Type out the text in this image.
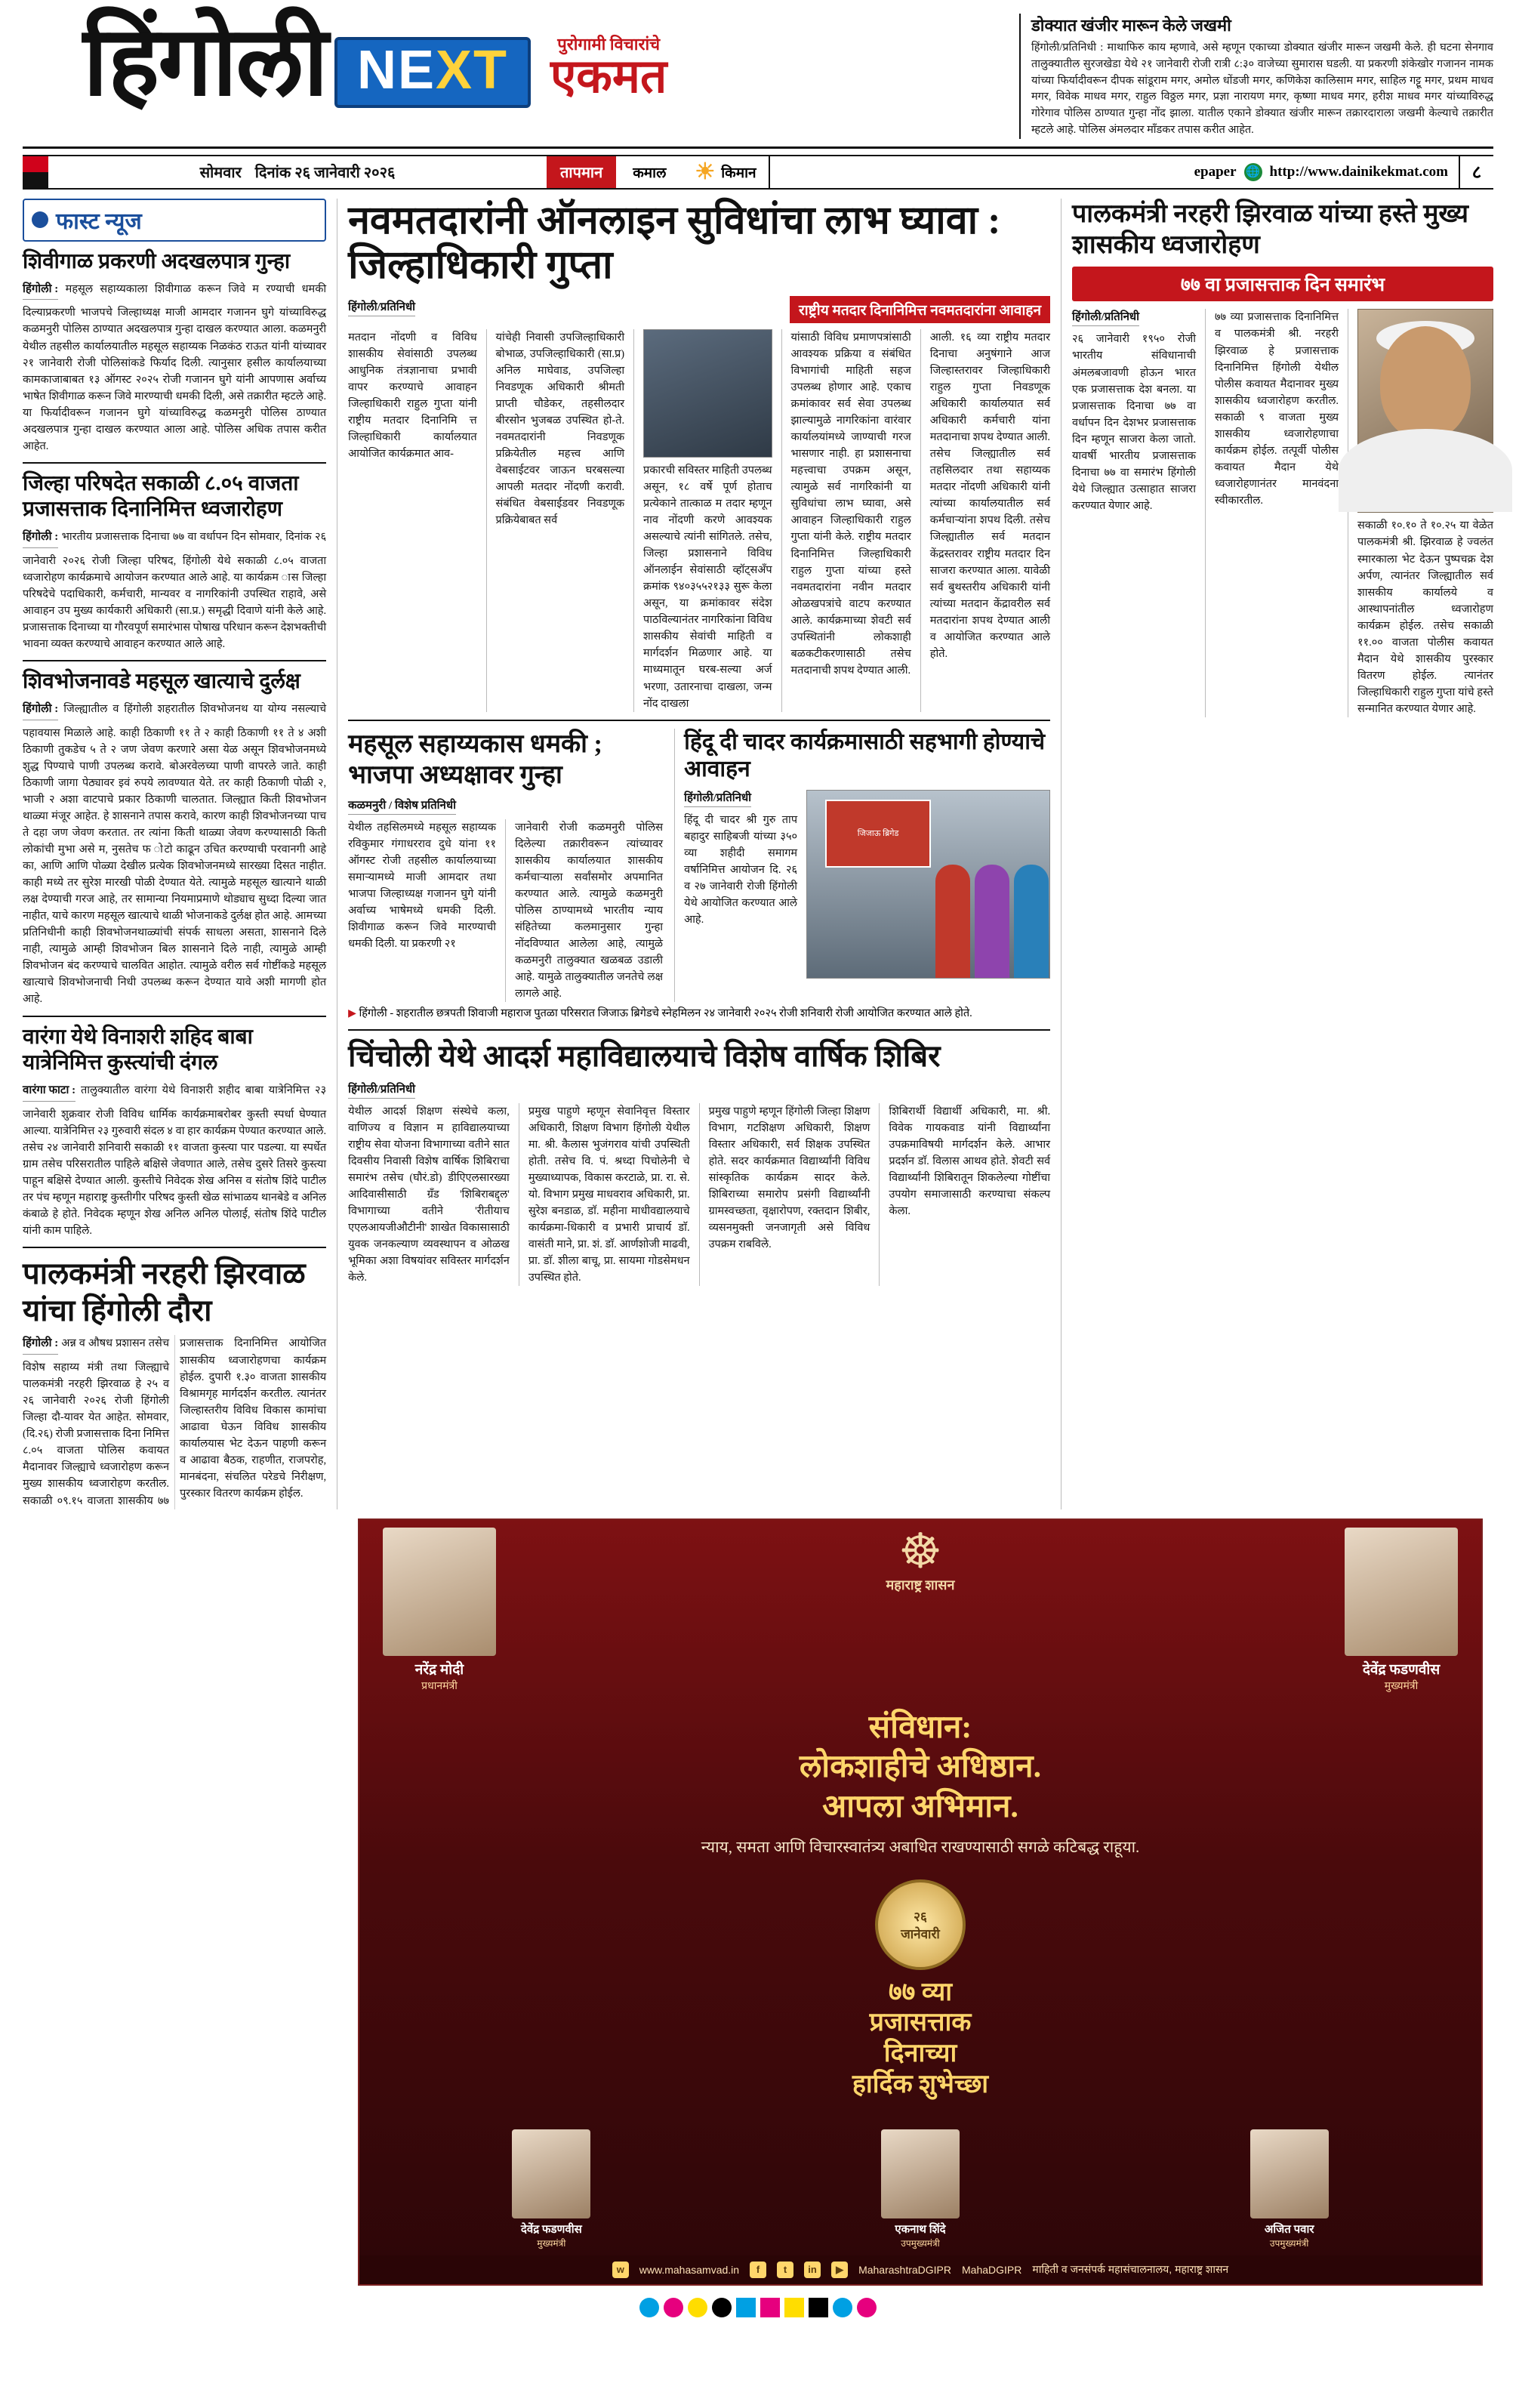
हिंगोली NEXT	पुरोगामी विचारांचे
एकमत
डोक्यात खंजीर मारून केले जखमी
हिंगोली/प्रतिनिधी : माथाफिरु काय म्हणावे, असे म्हणून एकाच्या डोक्यात खंजीर मारून जखमी केले. ही घटना सेनगाव तालुक्यातील सुरजखेडा येथे २१ जानेवारी रोजी रात्री ८:३० वाजेच्या सुमारास घडली. या प्रकरणी शंकेखोर गजानन नामक यांच्या फिर्यादीवरून दीपक सांडूराम मगर, अमोल धोंडजी मगर, कणिकेश कालिसाम मगर, साहिल गट्टू मगर, प्रथम माधव मगर, विवेक माधव मगर, राहुल विठ्ठल मगर, प्रज्ञा नारायण मगर, कृष्णा माधव मगर, हरीश माधव मगर यांच्याविरुद्ध गोरेगाव पोलिस ठाण्यात गुन्हा नोंद झाला. यातील एकाने डोक्यात खंजीर मारून तक्रारदाराला जखमी केल्याचे तक्रारीत म्हटले आहे. पोलिस अंमलदार माँडकर तपास करीत आहेत.
सोमवार दिनांक २६ जानेवारी २०२६	तापमान	कमाल	☀ किमान	epaper 🌐 http://www.dainikekmat.com	८
फास्ट न्यूज
शिवीगाळ प्रकरणी अदखलपात्र गुन्हा
हिंगोली : महसूल सहाय्यकाला शिवीगाळ करून जिवे म रण्याची धमकी दिल्याप्रकरणी भाजपचे जिल्हाध्यक्ष माजी आमदार गजानन घुगे यांच्याविरुद्ध कळमनुरी पोलिस ठाण्यात अदखलपात्र गुन्हा दाखल करण्यात आला. कळमनुरी येथील तहसील कार्यालयातील महसूल सहाय्यक निळकंठ राऊत यांनी यांच्यावर २१ जानेवारी रोजी पोलिसांकडे फिर्याद दिली. त्यानुसार हसील कार्यालयाच्या कामकाजाबाबत १३ ऑगस्ट २०२५ रोजी गजानन घुगे यांनी आपणास अर्वाच्य भाषेत शिवीगाळ करून जिवे मारण्याची धमकी दिली, असे तक्रारीत म्हटले आहे. या फिर्यादीवरून गजानन घुगे यांच्याविरुद्ध कळमनुरी पोलिस ठाण्यात अदखलपात्र गुन्हा दाखल करण्यात आला आहे. पोलिस अधिक तपास करीत आहेत.
जिल्हा परिषदेत सकाळी ८.०५ वाजता प्रजासत्ताक दिनानिमित्त ध्वजारोहण
हिंगोली : भारतीय प्रजासत्ताक दिनाचा ७७ वा वर्धापन दिन सोमवार, दिनांक २६ जानेवारी २०२६ रोजी जिल्हा परिषद, हिंगोली येथे सकाळी ८.०५ वाजता ध्वजारोहण कार्यक्रमाचे आयोजन करण्यात आले आहे. या कार्यक्रम ास जिल्हा परिषदेचे पदाधिकारी, कर्मचारी, मान्यवर व नागरिकांनी उपस्थित राहावे, असे आवाहन उप मुख्य कार्यकारी अधिकारी (सा.प्र.) समृद्धी दिवाणे यांनी केले आहे. प्रजासत्ताक दिनाच्या या गौरवपूर्ण समारंभास पोषाख परिधान करून देशभक्तीची भावना व्यक्त करण्याचे आवाहन करण्यात आले आहे.
शिवभोजनावडे महसूल खात्याचे दुर्लक्ष
हिंगोली : जिल्ह्यातील व हिंगोली शहरातील शिवभोजनथ या योग्य नसल्याचे पहावयास मिळाले आहे. काही ठिकाणी ११ ते २ काही ठिकाणी ११ ते ४ अशी ठिकाणी तुकडेच ५ ते २ जण जेवण करणारे असा येळ असून शिवभोजनमध्ये शुद्ध पिण्याचे पाणी उपलब्ध करावे. बोअरवेलच्या पाणी वापरले जाते. काही ठिकाणी जागा पेठ्यावर इवं रुपये लावण्यात येते. तर काही ठिकाणी पोळी २, भाजी २ अशा वाटपाचे प्रकार ठिकाणी चालतात. जिल्ह्यात किती शिवभोजन थाळ्या मंजूर आहेत. हे शासनाने तपास करावे, कारण काही शिवभोजनच्या पाच ते दहा जण जेवण करतात. तर त्यांना किती थाळ्या जेवण करण्यासाठी किती लोकांची मुभा असे म, नुसतेच फ ोटो काढून उचित करण्याची परवानगी आहे का, आणि आणि पोळ्या देखील प्रत्येक शिवभोजनमध्ये सारख्या दिसत नाहीत. काही मध्ये तर सुरेश मारखी पोळी देण्यात येते. त्यामुळे महसूल खात्याने थाळी लक्ष देण्याची गरज आहे, तर सामान्या नियमाप्रमाणे थोड्याच सुध्दा दिल्या जात नाहीत, याचे कारण महसूल खात्याचे थाळी भोजनाकडे दुर्लक्ष होत आहे. आमच्या प्रतिनिधीनी काही शिवभोजनथाळ्यांची संपर्क साधला असता, शासनाने दिले नाही, त्यामुळे आम्ही शिवभोजन बिल शासनाने दिले नाही, त्यामुळे आम्ही शिवभोजन बंद करण्याचे चालवित आहोत. त्यामुळे वरील सर्व गोष्टींकडे महसूल खात्याचे शिवभोजनाची निधी उपलब्ध करून देण्यात यावे अशी मागणी होत आहे.
वारंगा येथे विनाशरी शहिद बाबा यात्रेनिमित्त कुस्त्यांची दंगल
वारंगा फाटा : तालुक्यातील वारंगा येथे विनाशरी शहीद बाबा यात्रेनिमित्त २३ जानेवारी शुक्रवार रोजी विविध धार्मिक कार्यक्रमाबरोबर कुस्ती स्पर्धा घेण्यात आल्या. यात्रेनिमित्त २३ गुरुवारी संदल ४ वा हार कार्यक्रम पेण्यात करण्यात आले. तसेच २४ जानेवारी शनिवारी सकाळी ११ वाजता कुस्त्या पार पडल्या. या स्पर्धेत ग्राम तसेच परिसरातील पाहिले बक्षिसे जेवणात आले, तसेच दुसरे तिसरे कुस्त्या पाहून बक्षिसे देण्यात आली. कुस्तीचे निवेदक शेख अनिस व संतोष शिंदे पाटील तर पंच म्हणून महाराष्ट्र कुस्तीगीर परिषद कुस्ती खेळ सांभाळय थानबेडे व अनिल कंबाळे हे होते. निवेदक म्हणून शेख अनिल अनिल पोलाई, संतोष शिंदे पाटील यांनी काम पाहिले.
पालकमंत्री नरहरी झिरवाळ यांचा हिंगोली दौरा
हिंगोली : अन्न व औषध प्रशासन तसेच विशेष सहाय्य मंत्री तथा जिल्ह्याचे पालकमंत्री नरहरी झिरवाळ हे २५ व २६ जानेवारी २०२६ रोजी हिंगोली जिल्हा दौ-यावर येत आहेत. सोमवार, (दि.२६) रोजी प्रजासत्ताक दिना निमित्त ८.०५ वाजता पोलिस कवायत मैदानावर जिल्ह्याचे ध्वजारोहण करून मुख्य शासकीय ध्वजारोहण करतील. सकाळी ०९.१५ वाजता शासकीय ७७ प्रजासत्ताक दिनानिमित्त आयोजित शासकीय ध्वजारोहणचा कार्यक्रम होईल. दुपारी १.३० वाजता शासकीय विश्रामगृह मार्गदर्शन करतील. त्यानंतर जिल्हास्तरीय विविध विकास कामांचा आढावा घेऊन विविध शासकीय कार्यालयास भेट देऊन पाहणी करून व आढावा बैठक, राहणीत, राजपरोह, मानबंदना, संचलित परेडचे निरीक्षण, पुरस्कार वितरण कार्यक्रम होईल.
नवमतदारांनी ऑनलाइन सुविधांचा लाभ घ्यावा : जिल्हाधिकारी गुप्ता
हिंगोली/प्रतिनिधी	राष्ट्रीय मतदार दिनानिमित्त नवमतदारांना आवाहन
मतदान नोंदणी व विविध शासकीय सेवांसाठी उपलब्ध आधुनिक तंत्रज्ञानाचा प्रभावी वापर करण्याचे आवाहन जिल्हाधिकारी राहुल गुप्ता यांनी राष्ट्रीय मतदार दिनानिमि त्त जिल्हाधिकारी कार्यालयात आयोजित कार्यक्रमात आव-
यांचेही निवासी उपजिल्हाधिकारी बोभाळ, उपजिल्हाधिकारी (सा.प्र) अनिल माघेवाड, उपजिल्हा निवडणूक अधिकारी श्रीमती प्राप्ती चौडेकर, तहसीलदार बीरसोन भुजबळ उपस्थित हो-ते. नवमतदारांनी निवडणूक प्रक्रियेतील महत्त्व आणि वेबसाईटवर जाऊन घरबसल्या आपली मतदार नोंदणी करावी. संबंधित वेबसाईडवर निवडणूक प्रक्रियेबाबत सर्व
प्रकारची सविस्तर माहिती उपलब्ध असून, १८ वर्षे पूर्ण होताच प्रत्येकाने तात्काळ म तदार म्हणून नाव नोंदणी करणे आवश्यक असल्याचे त्यांनी सांगितले. तसेच, जिल्हा प्रशासनाने विविध ऑनलाईन सेवांसाठी व्हॉट्सअँप क्रमांक ९४०३५५२१३३ सुरू केला असून, या क्रमांकावर संदेश पाठविल्यानंतर नागरिकांना विविध शासकीय सेवांची माहिती व मार्गदर्शन मिळणार आहे. या माध्यमातून घरब-सल्या अर्ज भरणा, उतारनाचा दाखला, जन्म नोंद दाखला
यांसाठी विविध प्रमाणपत्रांसाठी आवश्यक प्रक्रिया व संबंधित विभागांची माहिती सहज उपलब्ध होणार आहे. एकाच क्रमांकावर सर्व सेवा उपलब्ध झाल्यामुळे नागरिकांना वारंवार कार्यालयांमध्ये जाण्याची गरज भासणार नाही. हा प्रशासनाचा महत्त्वाचा उपक्रम असून, त्यामुळे सर्व नागरिकांनी या सुविधांचा लाभ घ्यावा, असे आवाहन जिल्हाधिकारी राहुल गुप्ता यांनी केले. राष्ट्रीय मतदार दिनानिमित्त जिल्हाधिकारी राहुल गुप्ता यांच्या हस्ते नवमतदारांना नवीन मतदार ओळखपत्रांचे वाटप करण्यात आले. कार्यक्रमाच्या शेवटी सर्व उपस्थितांनी लोकशाही बळकटीकरणासाठी तसेच मतदानाची शपथ देण्यात आली.
आली. १६ व्या राष्ट्रीय मतदार दिनाचा अनुषंगाने आज जिल्हास्तरावर जिल्हाधिकारी राहुल गुप्ता निवडणूक अधिकारी कार्यालयात सर्व अधिकारी कर्मचारी यांना मतदानाचा शपथ देण्यात आली. तसेच जिल्ह्यातील सर्व तहसिलदार तथा सहाय्यक मतदार नोंदणी अधिकारी यांनी त्यांच्या कार्यालयातील सर्व कर्मचाऱ्यांना शपथ दिली. तसेच जिल्ह्यातील सर्व मतदान केंद्रस्तरावर राष्ट्रीय मतदार दिन साजरा करण्यात आला. यावेळी सर्व बुथस्तरीय अधिकारी यांनी त्यांच्या मतदान केंद्रावरील सर्व मतदारांना शपथ देण्यात आली व आयोजित करण्यात आले होते.
महसूल सहाय्यकास धमकी ; भाजपा अध्यक्षावर गुन्हा
कळमनुरी / विशेष प्रतिनिधी
येथील तहसिलमध्ये महसूल सहाय्यक रविकुमार गंगाधरराव दुधे यांना ११ ऑगस्ट रोजी तहसील कार्यालयाच्या समाऱ्यामध्ये माजी आमदार तथा भाजपा जिल्हाध्यक्ष गजानन घुगे यांनी अर्वाच्य भाषेमध्ये धमकी दिली. शिवीगाळ करून जिवे मारण्याची धमकी दिली. या प्रकरणी २१
जानेवारी रोजी कळमनुरी पोलिस दिलेल्या तक्रारीवरून त्यांच्यावर शासकीय कार्यालयात शासकीय कर्मचाऱ्याला सर्वांसमोर अपमानित करण्यात आले. त्यामुळे कळमनुरी पोलिस ठाण्यामध्ये भारतीय न्याय संहितेच्या कलमानुसार गुन्हा नोंदविण्यात आलेला आहे, त्यामुळे कळमनुरी तालुक्यात खळबळ उडाली आहे. यामुळे तालुक्यातील जनतेचे लक्ष लागले आहे.
हिंदू दी चादर कार्यक्रमासाठी सहभागी होण्याचे आवाहन
हिंगोली/प्रतिनिधी
हिंदू दी चादर श्री गुरु ताप बहादुर साहिबजी यांच्या ३५० व्या शहीदी समागम वर्षानिमित्त आयोजन दि. २६ व २७ जानेवारी रोजी हिंगोली येथे आयोजित करण्यात आले आहे.
जिजाऊ ब्रिगेड
▶ हिंगोली - शहरातील छत्रपती शिवाजी महाराज पुतळा परिसरात जिजाऊ ब्रिगेडचे स्नेहमिलन २४ जानेवारी २०२५ रोजी शनिवारी रोजी आयोजित करण्यात आले होते.
चिंचोली येथे आदर्श महाविद्यालयाचे विशेष वार्षिक शिबिर
हिंगोली/प्रतिनिधी
येथील आदर्श शिक्षण संस्थेचे कला, वाणिज्य व विज्ञान म हाविद्यालयाच्या राष्ट्रीय सेवा योजना विभागाच्या वतीने सात दिवसीय निवासी विशेष वार्षिक शिबिराचा समारंभ तसेच (घौरं.डो) डीएिएलसारख्या आदिवासीसाठी ग्रॅंड 'शिबिराबद्द्ल' विभागाच्या वतीने 'रीतीयाच एएलआयजीऔटीनी' शाखेत विकासासाठी युवक जनकल्याण व्यवस्थापन व ओळख भूमिका अशा विषयांवर सविस्तर मार्गदर्शन केले.
प्रमुख पाहुणे म्हणून सेवानिवृत्त विस्तार अधिकारी, शिक्षण विभाग हिंगोली येथील मा. श्री. कैलास भुजंगराव यांची उपस्थिती होती. तसेच वि. पं. श्रध्दा पिचोलेनी चे मुख्याध्यापक, विकास करटाळे, प्रा. रा. से. यो. विभाग प्रमुख माधवराव अधिकारी, प्रा. सुरेश बनडाळ, डाॅ. महीना माधीवद्यालयाचे कार्यक्रमा-धिकारी व प्रभारी प्राचार्य डाॅ. वासंती माने, प्रा. शं. डाॅ. आर्णशोजी माढवी, प्रा. डाॅ. शीला बाचू, प्रा. सायमा गोडसेमधन उपस्थित होते.
प्रमुख पाहुणे म्हणून हिंगोली जिल्हा शिक्षण विभाग, गटशिक्षण अधिकारी, शिक्षण विस्तार अधिकारी, सर्व शिक्षक उपस्थित होते. सदर कार्यक्रमात विद्यार्थ्यांनी विविध सांस्कृतिक कार्यक्रम सादर केले. शिबिराच्या समारोप प्रसंगी विद्यार्थ्यांनी ग्रामस्वच्छता, वृक्षारोपण, रक्तदान शिबीर, व्यसनमुक्ती जनजागृती असे विविध उपक्रम राबविले.
शिबिरार्थी विद्यार्थी अधिकारी, मा. श्री. विवेक गायकवाड यांनी विद्यार्थ्यांना उपक्रमाविषयी मार्गदर्शन केले. आभार प्रदर्शन डाॅ. विलास आथव होते. शेवटी सर्व विद्यार्थ्यांनी शिबिरातून शिकलेल्या गोष्टींचा उपयोग समाजासाठी करण्याचा संकल्प केला.
पालकमंत्री नरहरी झिरवाळ यांच्या हस्ते मुख्य शासकीय ध्वजारोहण
७७ वा प्रजासत्ताक दिन समारंभ
हिंगोली/प्रतिनिधी
२६ जानेवारी १९५० रोजी भारतीय संविधानाची अंमलबजावणी होऊन भारत एक प्रजासत्ताक देश बनला. या प्रजासत्ताक दिनाचा ७७ वा वर्धापन दिन देशभर प्रजासत्ताक दिन म्हणून साजरा केला जातो. यावर्षी भारतीय प्रजासत्ताक दिनाचा ७७ वा समारंभ हिंगोली येथे जिल्ह्यात उत्साहात साजरा करण्यात येणार आहे.
७७ व्या प्रजासत्ताक दिनानिमित्त व पालकमंत्री श्री. नरहरी झिरवाळ हे प्रजासत्ताक दिनानिमित्त हिंगोली येथील पोलीस कवायत मैदानावर मुख्य शासकीय ध्वजारोहण करतील. सकाळी ९ वाजता मुख्य शासकीय ध्वजारोहणाचा कार्यक्रम होईल. तत्पूर्वी पोलीस कवायत मैदान येथे ध्वजारोहणानंतर मानवंदना स्वीकारतील.
सकाळी १०.१० ते १०.२५ या वेळेत पालकमंत्री श्री. झिरवाळ हे ज्वलंत स्मारकाला भेट देऊन पुष्पचक्र देश अर्पण, त्यानंतर जिल्ह्यातील सर्व शासकीय कार्यालये व आस्थापनांतील ध्वजारोहण कार्यक्रम होईल. तसेच सकाळी ११.०० वाजता पोलीस कवायत मैदान येथे शासकीय पुरस्कार वितरण होईल. त्यानंतर जिल्हाधिकारी राहुल गुप्ता यांचे हस्ते सन्मानित करण्यात येणार आहे.
नरेंद्र मोदी
प्रधानमंत्री
☸
महाराष्ट्र शासन
देवेंद्र फडणवीस
मुख्यमंत्री
संविधान:
लोकशाहीचे अधिष्ठान.
आपला अभिमान.
न्याय, समता आणि विचारस्वातंत्र्य अबाधित राखण्यासाठी सगळे कटिबद्ध राहूया.
२६
जानेवारी
७७ व्या
प्रजासत्ताक
दिनाच्या
हार्दिक शुभेच्छा
देवेंद्र फडणवीस
मुख्यमंत्री
एकनाथ शिंदे
उपमुख्यमंत्री
अजित पवार
उपमुख्यमंत्री
w	www.mahasamvad.in	f	t	in	▶	MaharashtraDGIPR MahaDGIPR माहिती व जनसंपर्क महासंचालनालय, महाराष्ट्र शासन
